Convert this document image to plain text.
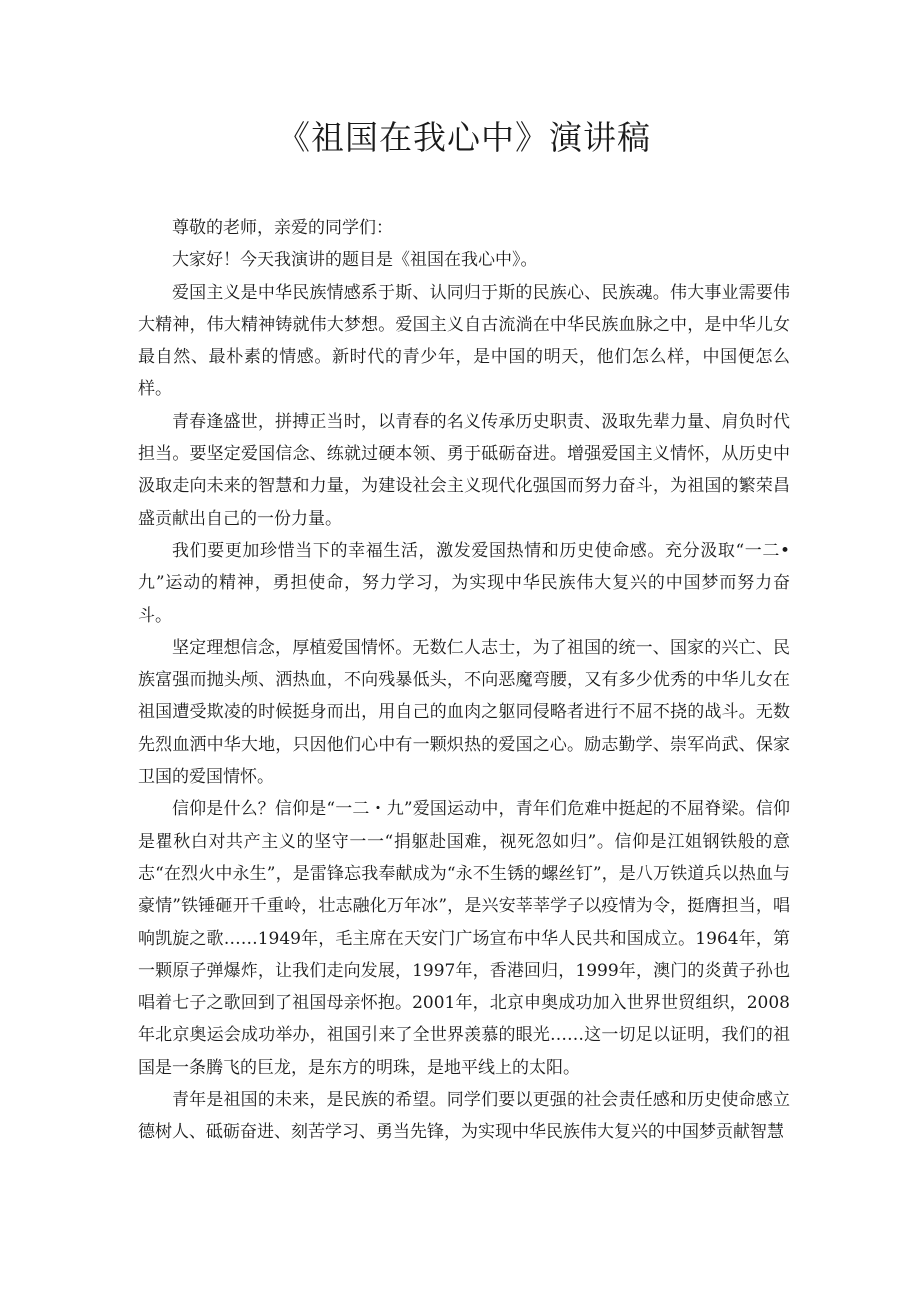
《祖国在我心中》演讲稿

尊敬的老师，亲爱的同学们：

大家好！今天我演讲的题目是《祖国在我心中》。

爱国主义是中华民族情感系于斯、认同归于斯的民族心、民族魂。伟大事业需要伟大精神，伟大精神铸就伟大梦想。爱国主义自古流淌在中华民族血脉之中，是中华儿女最自然、最朴素的情感。新时代的青少年，是中国的明天，他们怎么样，中国便怎么样。

青春逢盛世，拼搏正当时，以青春的名义传承历史职责、汲取先辈力量、肩负时代担当。要坚定爱国信念、练就过硬本领、勇于砥砺奋进。增强爱国主义情怀，从历史中汲取走向未来的智慧和力量，为建设社会主义现代化强国而努力奋斗，为祖国的繁荣昌盛贡献出自己的一份力量。

我们要更加珍惜当下的幸福生活，激发爱国热情和历史使命感。充分汲取“一二•九”运动的精神，勇担使命，努力学习，为实现中华民族伟大复兴的中国梦而努力奋斗。

坚定理想信念，厚植爱国情怀。无数仁人志士，为了祖国的统一、国家的兴亡、民族富强而抛头颅、洒热血，不向残暴低头，不向恶魔弯腰，又有多少优秀的中华儿女在祖国遭受欺凌的时候挺身而出，用自己的血肉之躯同侵略者进行不屈不挠的战斗。无数先烈血洒中华大地，只因他们心中有一颗炽热的爱国之心。励志勤学、崇军尚武、保家卫国的爱国情怀。

信仰是什么？信仰是“一二・九”爱国运动中，青年们危难中挺起的不屈脊梁。信仰是瞿秋白对共产主义的坚守一一“捐躯赴国难，视死忽如归”。信仰是江姐钢铁般的意志“在烈火中永生”，是雷锋忘我奉献成为“永不生锈的螺丝钉”，是八万铁道兵以热血与豪情”铁锤砸开千重岭，壮志融化万年冰”，是兴安莘莘学子以疫情为令，挺膺担当，唱响凯旋之歌……1949年，毛主席在天安门广场宣布中华人民共和国成立。1964年，第一颗原子弹爆炸，让我们走向发展，1997年，香港回归，1999年，澳门的炎黄子孙也唱着七子之歌回到了祖国母亲怀抱。2001年，北京申奥成功加入世界世贸组织，2008年北京奥运会成功举办，祖国引来了全世界羡慕的眼光……这一切足以证明，我们的祖国是一条腾飞的巨龙，是东方的明珠，是地平线上的太阳。

青年是祖国的未来，是民族的希望。同学们要以更强的社会责任感和历史使命感立德树人、砥砺奋进、刻苦学习、勇当先锋，为实现中华民族伟大复兴的中国梦贡献智慧
